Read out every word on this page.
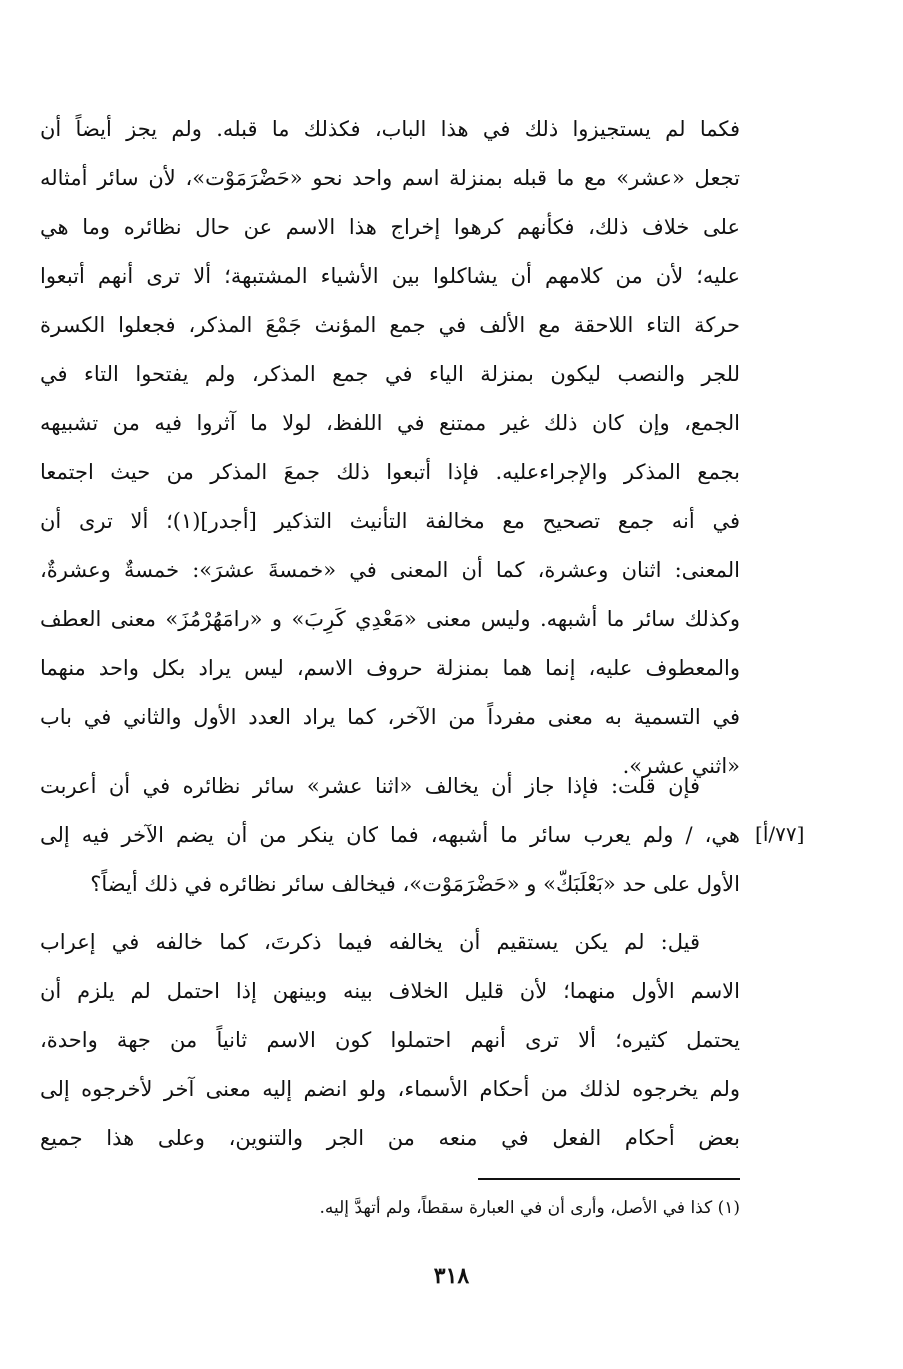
فكما لم يستجيزوا ذلك في هذا الباب، فكذلك ما قبله. ولم يجز أيضاً أن
تجعل «عشر» مع ما قبله بمنزلة اسم واحد نحو «حَضْرَمَوْت»، لأن سائر أمثاله
على خلاف ذلك، فكأنهم كرهوا إخراج هذا الاسم عن حال نظائره وما هي
عليه؛ لأن من كلامهم أن يشاكلوا بين الأشياء المشتبهة؛ ألا ترى أنهم أتبعوا
حركة التاء اللاحقة مع الألف في جمع المؤنث جَمْعَ المذكر، فجعلوا الكسرة
للجر والنصب ليكون بمنزلة الياء في جمع المذكر، ولم يفتحوا التاء في
الجمع، وإن كان ذلك غير ممتنع في اللفظ، لولا ما آثروا فيه من تشبيهه
بجمع المذكر والإجراءعليه. فإذا أتبعوا ذلك جمعَ المذكر من حيث اجتمعا
في أنه جمع تصحيح مع مخالفة التأنيث التذكير [أجدر](١)؛ ألا ترى أن
المعنى: اثنان وعشرة، كما أن المعنى في «خمسةَ عشرَ»: خمسةٌ وعشرةٌ،
وكذلك سائر ما أشبهه. وليس معنى «مَعْدِي كَرِبَ» و «رامَهُرْمُزَ» معنى العطف
والمعطوف عليه، إنما هما بمنزلة حروف الاسم، ليس يراد بكل واحد منهما
في التسمية به معنى مفرداً من الآخر، كما يراد العدد الأول والثاني في باب
«اثني عشر».
فإن قلت: فإذا جاز أن يخالف «اثنا عشر» سائر نظائره في أن أعربت
هي، / ولم يعرب سائر ما أشبهه، فما كان ينكر من أن يضم الآخر فيه إلى
الأول على حد «بَعْلَبَكّ» و «حَضْرَمَوْت»، فيخالف سائر نظائره في ذلك أيضاً؟
[٧٧/أ]
قيل: لم يكن يستقيم أن يخالفه فيما ذكرتَ، كما خالفه في إعراب
الاسم الأول منهما؛ لأن قليل الخلاف بينه وبينهن إذا احتمل لم يلزم أن
يحتمل كثيره؛ ألا ترى أنهم احتملوا كون الاسم ثانياً من جهة واحدة،
ولم يخرجوه لذلك من أحكام الأسماء، ولو انضم إليه معنى آخر لأخرجوه إلى
بعض أحكام الفعل في منعه من الجر والتنوين، وعلى هذا جميع
(١) كذا في الأصل، وأرى أن في العبارة سقطاً، ولم أتهدَّ إليه.
٣١٨
